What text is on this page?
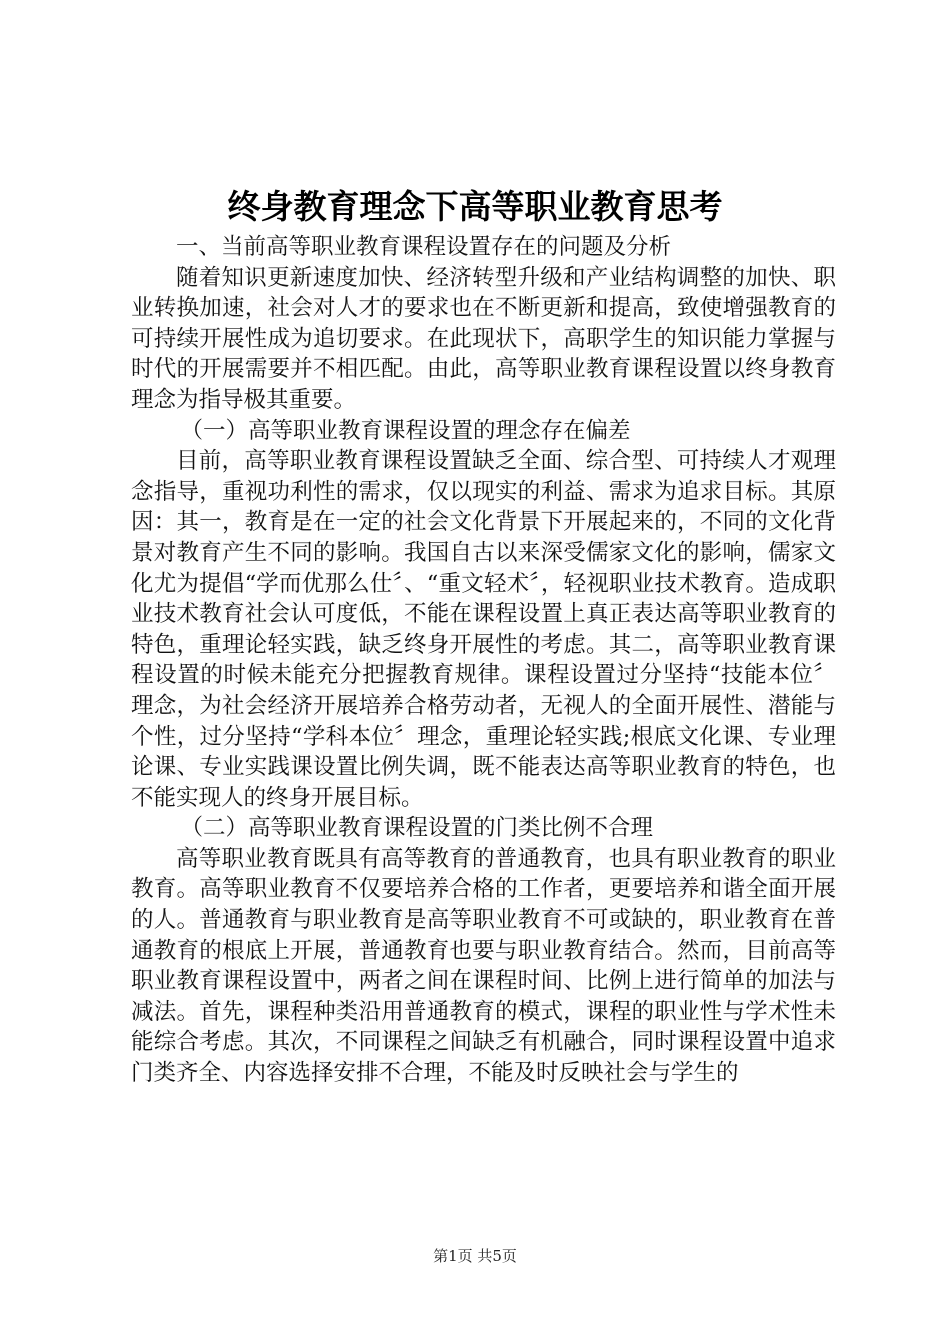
终身教育理念下高等职业教育思考

一、当前高等职业教育课程设置存在的问题及分析

随着知识更新速度加快、经济转型升级和产业结构调整的加快、职业转换加速，社会对人才的要求也在不断更新和提高，致使增强教育的可持续开展性成为追切要求。在此现状下，高职学生的知识能力掌握与时代的开展需要并不相匹配。由此，高等职业教育课程设置以终身教育理念为指导极其重要。

（一）高等职业教育课程设置的理念存在偏差

目前，高等职业教育课程设置缺乏全面、综合型、可持续人才观理念指导，重视功利性的需求，仅以现实的利益、需求为追求目标。其原因：其一，教育是在一定的社会文化背景下开展起来的，不同的文化背景对教育产生不同的影响。我国自古以来深受儒家文化的影响，儒家文化尤为提倡“学而优那么仕〞、“重文轻术〞，轻视职业技术教育。造成职业技术教育社会认可度低，不能在课程设置上真正表达高等职业教育的特色，重理论轻实践，缺乏终身开展性的考虑。其二，高等职业教育课程设置的时候未能充分把握教育规律。课程设置过分坚持“技能本位〞理念，为社会经济开展培养合格劳动者，无视人的全面开展性、潜能与个性，过分坚持“学科本位〞理念，重理论轻实践;根底文化课、专业理论课、专业实践课设置比例失调，既不能表达高等职业教育的特色，也不能实现人的终身开展目标。

（二）高等职业教育课程设置的门类比例不合理

高等职业教育既具有高等教育的普通教育，也具有职业教育的职业教育。高等职业教育不仅要培养合格的工作者，更要培养和谐全面开展的人。普通教育与职业教育是高等职业教育不可或缺的，职业教育在普通教育的根底上开展，普通教育也要与职业教育结合。然而，目前高等职业教育课程设置中，两者之间在课程时间、比例上进行简单的加法与减法。首先，课程种类沿用普通教育的模式，课程的职业性与学术性未能综合考虑。其次，不同课程之间缺乏有机融合，同时课程设置中追求门类齐全、内容选择安排不合理，不能及时反映社会与学生的

第1页 共5页
